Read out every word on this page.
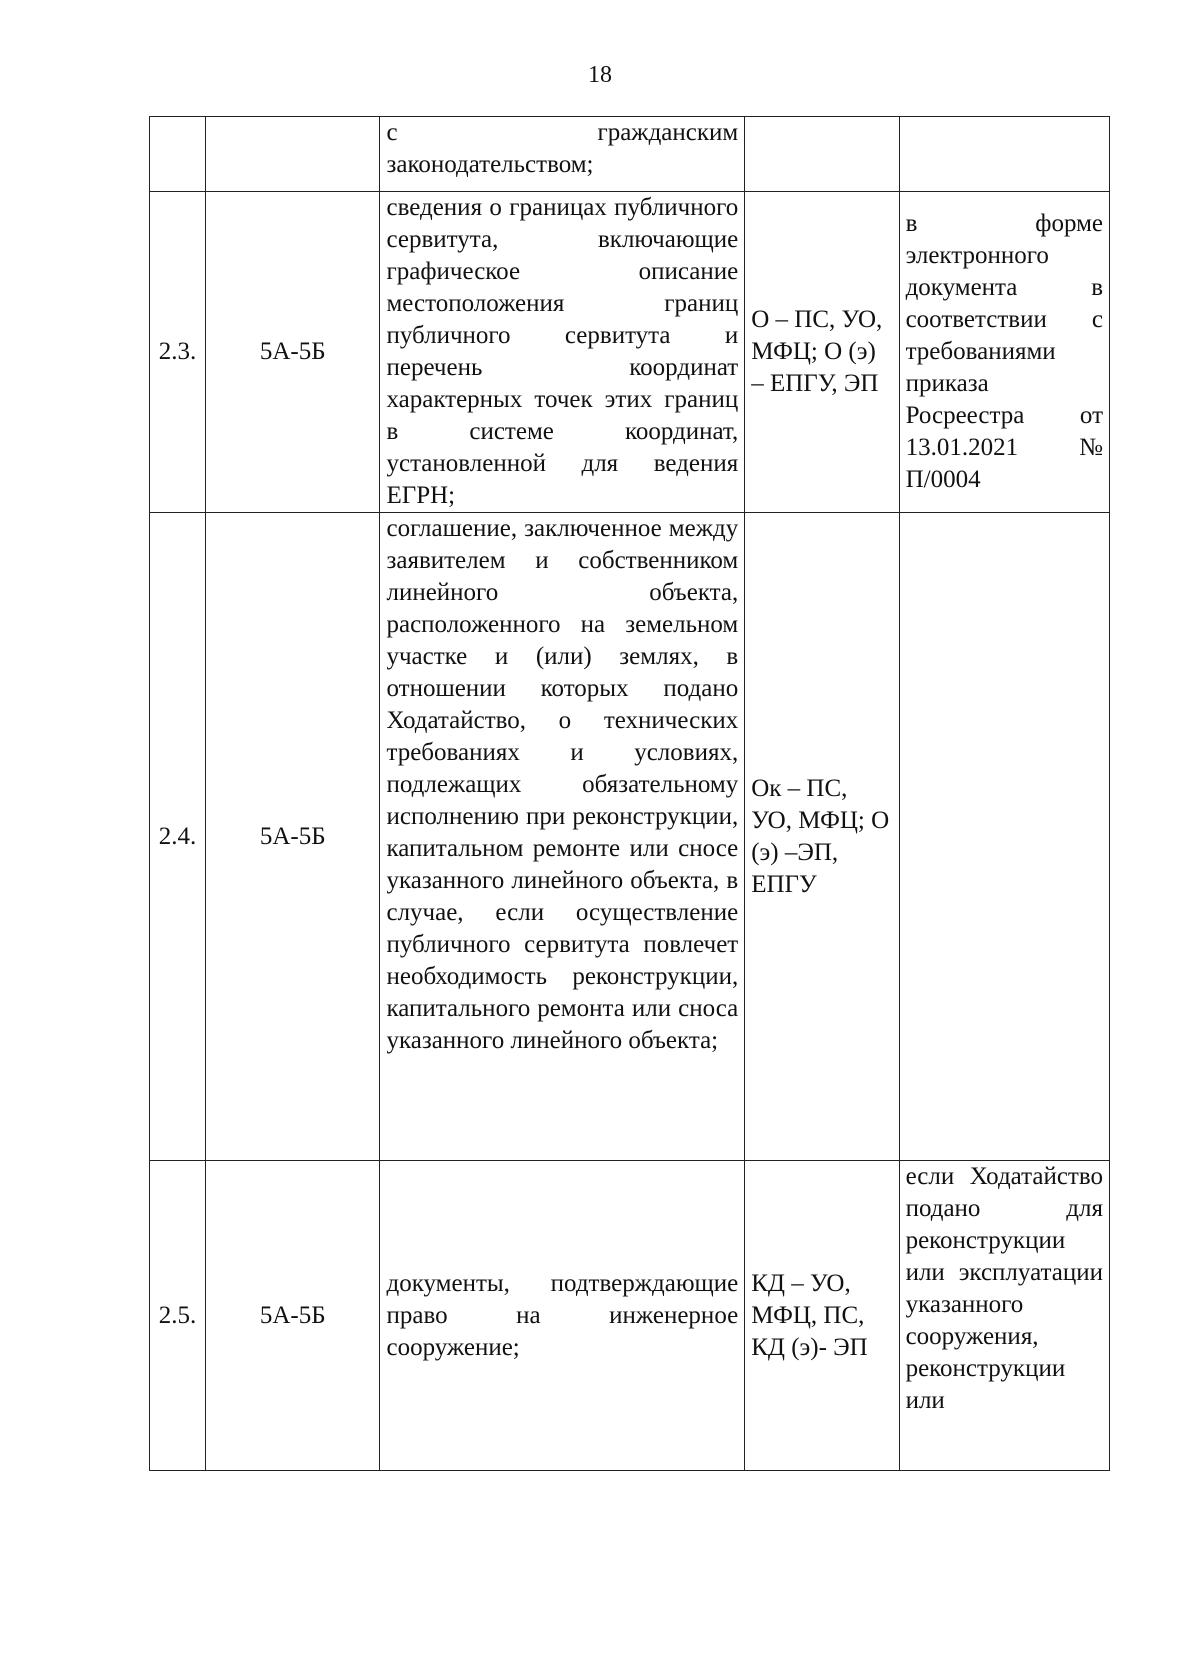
18
		с гражданским законодательством;		
2.3.	5А-5Б	сведения о границах публичного сервитута, включающие графическое описание местоположения границ публичного сервитута и перечень координат характерных точек этих границ в системе координат, установленной для ведения ЕГРН;	О – ПС, УО, МФЦ; О (э) – ЕПГУ, ЭП	в форме электронного документа в соответствии с требованиями приказа Росреестра от 13.01.2021 № П/0004
2.4.	5А-5Б	соглашение, заключенное между заявителем и собственником линейного объекта, расположенного на земельном участке и (или) землях, в отношении которых подано Ходатайство, о технических требованиях и условиях, подлежащих обязательному исполнению при реконструкции, капитальном ремонте или сносе указанного линейного объекта, в случае, если осуществление публичного сервитута повлечет необходимость реконструкции, капитального ремонта или сноса указанного линейного объекта;	Ок – ПС, УО, МФЦ; О (э) –ЭП, ЕПГУ	
2.5.	5А-5Б	документы, подтверждающие право на инженерное сооружение;	КД – УО, МФЦ, ПС, КД (э)- ЭП	если Ходатайство подано для реконструкции или эксплуатации указанного сооружения, реконструкции или
